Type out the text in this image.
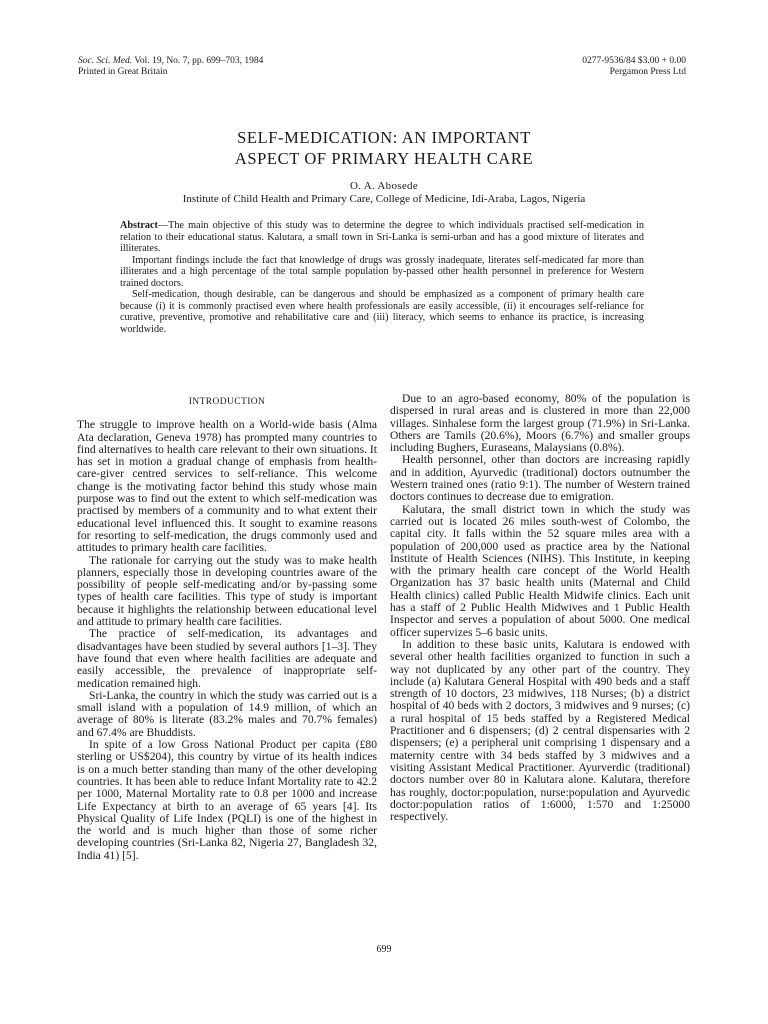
Soc. Sci. Med. Vol. 19, No. 7, pp. 699–703, 1984
Printed in Great Britain
0277-9536/84 $3.00 + 0.00
Pergamon Press Ltd
SELF-MEDICATION: AN IMPORTANT
ASPECT OF PRIMARY HEALTH CARE
O. A. Abosede
Institute of Child Health and Primary Care, College of Medicine, Idi-Araba, Lagos, Nigeria

Abstract—The main objective of this study was to determine the degree to which individuals practised self-medication in relation to their educational status. Kalutara, a small town in Sri-Lanka is semi-urban and has a good mixture of literates and illiterates.

Important findings include the fact that knowledge of drugs was grossly inadequate, literates self-medicated far more than illiterates and a high percentage of the total sample population by-passed other health personnel in preference for Western trained doctors.

Self-medication, though desirable, can be dangerous and should be emphasized as a component of primary health care because (i) it is commonly practised even where health professionals are easily accessible, (ii) it encourages self-reliance for curative, preventive, promotive and rehabilitative care and (iii) literacy, which seems to enhance its practice, is increasing worldwide.

INTRODUCTION

The struggle to improve health on a World-wide basis (Alma Ata declaration, Geneva 1978) has prompted many countries to find alternatives to health care relevant to their own situations. It has set in motion a gradual change of emphasis from health-care-giver centred services to self-reliance. This welcome change is the motivating factor behind this study whose main purpose was to find out the extent to which self-medication was practised by members of a community and to what extent their educational level influenced this. It sought to examine reasons for resorting to self-medication, the drugs commonly used and attitudes to primary health care facilities.

The rationale for carrying out the study was to make health planners, especially those in developing countries aware of the possibility of people self-medicating and/or by-passing some types of health care facilities. This type of study is important because it highlights the relationship between educational level and attitude to primary health care facilities.

The practice of self-medication, its advantages and disadvantages have been studied by several authors [1–3]. They have found that even where health facilities are adequate and easily accessible, the prevalence of inappropriate self-medication remained high.

Sri-Lanka, the country in which the study was carried out is a small island with a population of 14.9 million, of which an average of 80% is literate (83.2% males and 70.7% females) and 67.4% are Bhuddists.

In spite of a low Gross National Product per capita (£80 sterling or US$204), this country by virtue of its health indices is on a much better standing than many of the other developing countries. It has been able to reduce Infant Mortality rate to 42.2 per 1000, Maternal Mortality rate to 0.8 per 1000 and increase Life Expectancy at birth to an average of 65 years [4]. Its Physical Quality of Life Index (PQLI) is one of the highest in the world and is much higher than those of some richer developing countries (Sri-Lanka 82, Nigeria 27, Bangladesh 32, India 41) [5].

Due to an agro-based economy, 80% of the population is dispersed in rural areas and is clustered in more than 22,000 villages. Sinhalese form the largest group (71.9%) in Sri-Lanka. Others are Tamils (20.6%), Moors (6.7%) and smaller groups including Bughers, Euraseans, Malaysians (0.8%).

Health personnel, other than doctors are increasing rapidly and in addition, Ayurvedic (traditional) doctors outnumber the Western trained ones (ratio 9:1). The number of Western trained doctors continues to decrease due to emigration.

Kalutara, the small district town in which the study was carried out is located 26 miles south-west of Colombo, the capital city. It falls within the 52 square miles area with a population of 200,000 used as practice area by the National Institute of Health Sciences (NIHS). This Institute, in keeping with the primary health care concept of the World Health Organization has 37 basic health units (Maternal and Child Health clinics) called Public Health Midwife clinics. Each unit has a staff of 2 Public Health Midwives and 1 Public Health Inspector and serves a population of about 5000. One medical officer supervizes 5–6 basic units.

In addition to these basic units, Kalutara is endowed with several other health facilities organized to function in such a way not duplicated by any other part of the country. They include (a) Kalutara General Hospital with 490 beds and a staff strength of 10 doctors, 23 midwives, 118 Nurses; (b) a district hospital of 40 beds with 2 doctors, 3 midwives and 9 nurses; (c) a rural hospital of 15 beds staffed by a Registered Medical Practitioner and 6 dispensers; (d) 2 central dispensaries with 2 dispensers; (e) a peripheral unit comprising 1 dispensary and a maternity centre with 34 beds staffed by 3 midwives and a visiting Assistant Medical Practitioner. Ayurverdic (traditional) doctors number over 80 in Kalutara alone. Kalutara, therefore has roughly, doctor:population, nurse:population and Ayurvedic doctor:population ratios of 1:6000, 1:570 and 1:25000 respectively.

699
